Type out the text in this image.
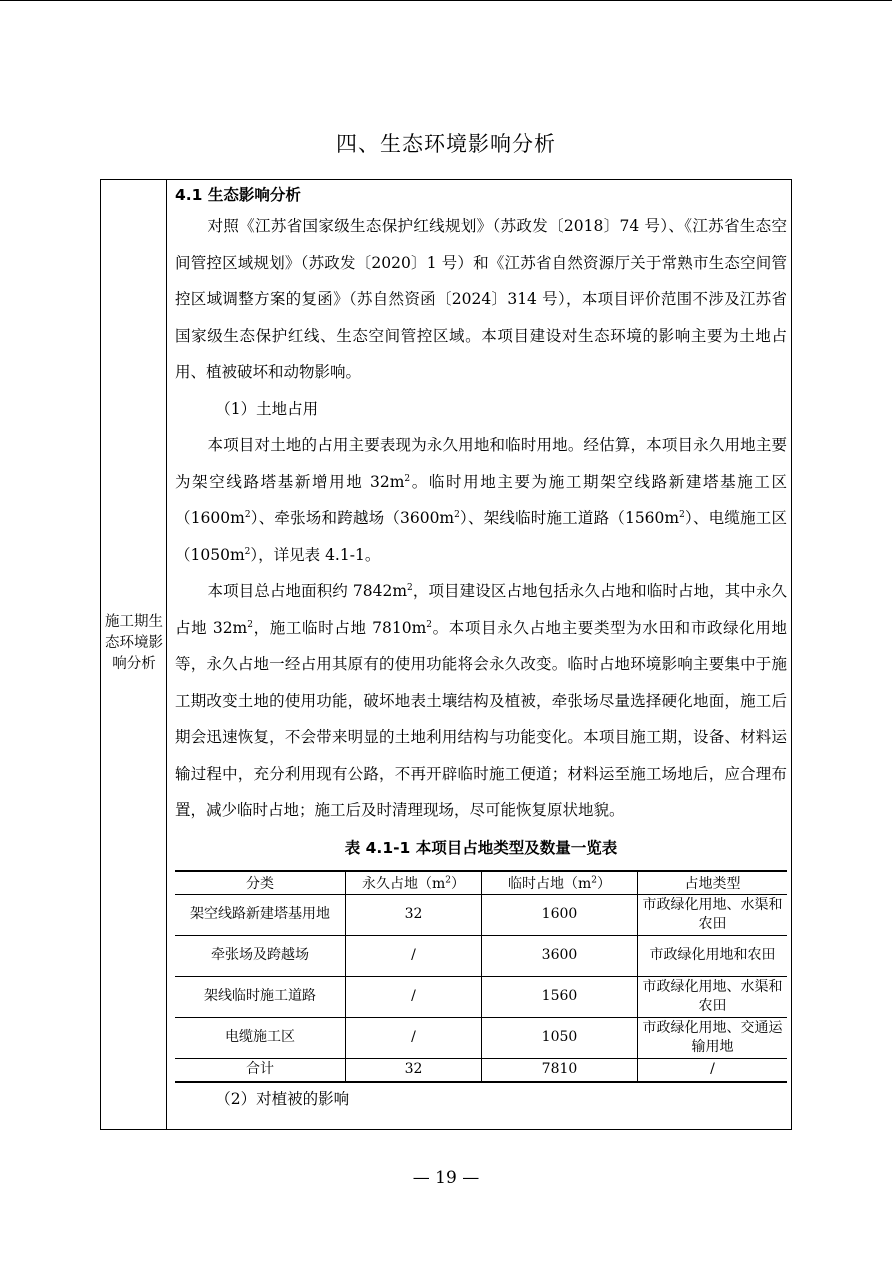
四、生态环境影响分析
施工期生态环境影响分析

4.1 生态影响分析

对照《江苏省国家级生态保护红线规划》（苏政发〔2018〕74 号）、《江苏省生态空间管控区域规划》（苏政发〔2020〕1 号）和《江苏省自然资源厅关于常熟市生态空间管控区域调整方案的复函》（苏自然资函〔2024〕314 号），本项目评价范围不涉及江苏省国家级生态保护红线、生态空间管控区域。本项目建设对生态环境的影响主要为土地占用、植被破坏和动物影响。

（1）土地占用

本项目对土地的占用主要表现为永久用地和临时用地。经估算，本项目永久用地主要为架空线路塔基新增用地 $32m^2$。临时用地主要为施工期架空线路新建塔基施工区$(1600m^2)$、牵张场和跨越场$(3600m^2)$、架线临时施工道路$(1560m^2)$、电缆施工区$(1050m^2)$，详见表 4.1-1。

本项目总占地面积约 $7842m^2$，项目建设区占地包括永久占地和临时占地，其中永久占地 $32m^2$，施工临时占地 $7810m^2$。本项目永久占地主要类型为水田和市政绿化用地等，永久占地一经占用其原有的使用功能将会永久改变。临时占地环境影响主要集中于施工期改变土地的使用功能，破坏地表土壤结构及植被，牵张场尽量选择硬化地面，施工后期会迅速恢复，不会带来明显的土地利用结构与功能变化。本项目施工期，设备、材料运输过程中，充分利用现有公路，不再开辟临时施工便道；材料运至施工场地后，应合理布置，减少临时占地；施工后及时清理现场，尽可能恢复原状地貌。

表 4.1-1 本项目占地类型及数量一览表
分类	永久占地$(m^2)$	临时占地$(m^2)$	占地类型
架空线路新建塔基用地	32	1600	市政绿化用地、水渠和农田
牵张场及跨越场	/	3600	市政绿化用地和农田
架线临时施工道路	/	1560	市政绿化用地、水渠和农田
电缆施工区	/	1050	市政绿化用地、交通运输用地
合计	32	7810	/

（2）对植被的影响

— 19 —
